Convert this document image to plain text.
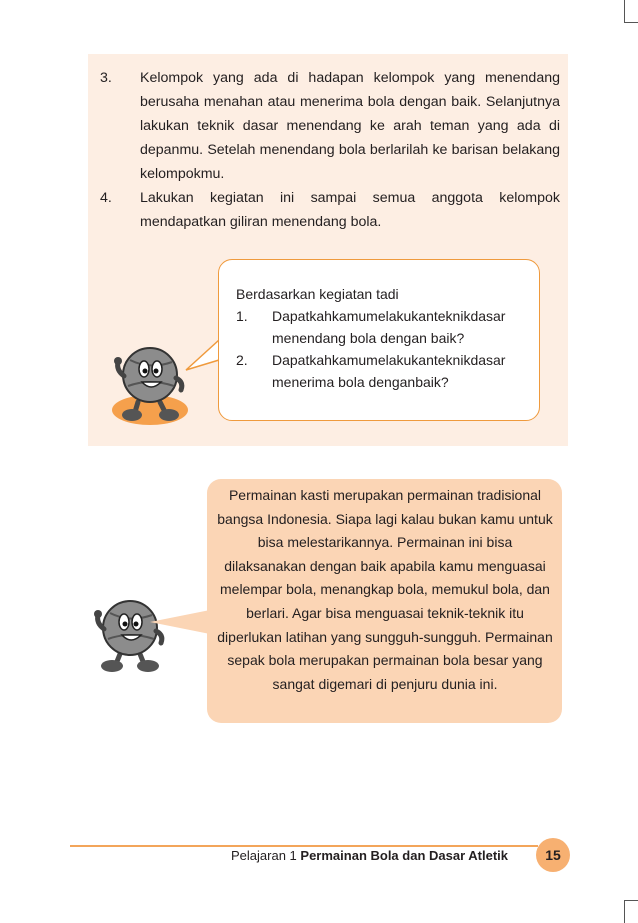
3. Kelompok yang ada di hadapan kelompok yang menendang berusaha menahan atau menerima bola dengan baik. Selanjutnya lakukan teknik dasar menendang ke arah teman yang ada di depanmu. Setelah menendang bola berlarilah ke barisan belakang kelompokmu.
4. Lakukan kegiatan ini sampai semua anggota kelompok mendapatkan giliran menendang bola.
Berdasarkan kegiatan tadi
1. Dapatkahkamumelakukanteknikdasar menendang bola dengan baik?
2. Dapatkahkamumelakukanteknikdasar menerima bola denganbaik?
Permainan kasti merupakan permainan tradisional bangsa Indonesia. Siapa lagi kalau bukan kamu untuk bisa melestarikannya. Permainan ini bisa dilaksanakan dengan baik apabila kamu menguasai melempar bola, menangkap bola, memukul bola, dan berlari. Agar bisa menguasai teknik-teknik itu diperlukan latihan yang sungguh-sungguh. Permainan sepak bola merupakan permainan bola besar yang sangat digemari di penjuru dunia ini.
Pelajaran 1 Permainan Bola dan Dasar Atletik	15
